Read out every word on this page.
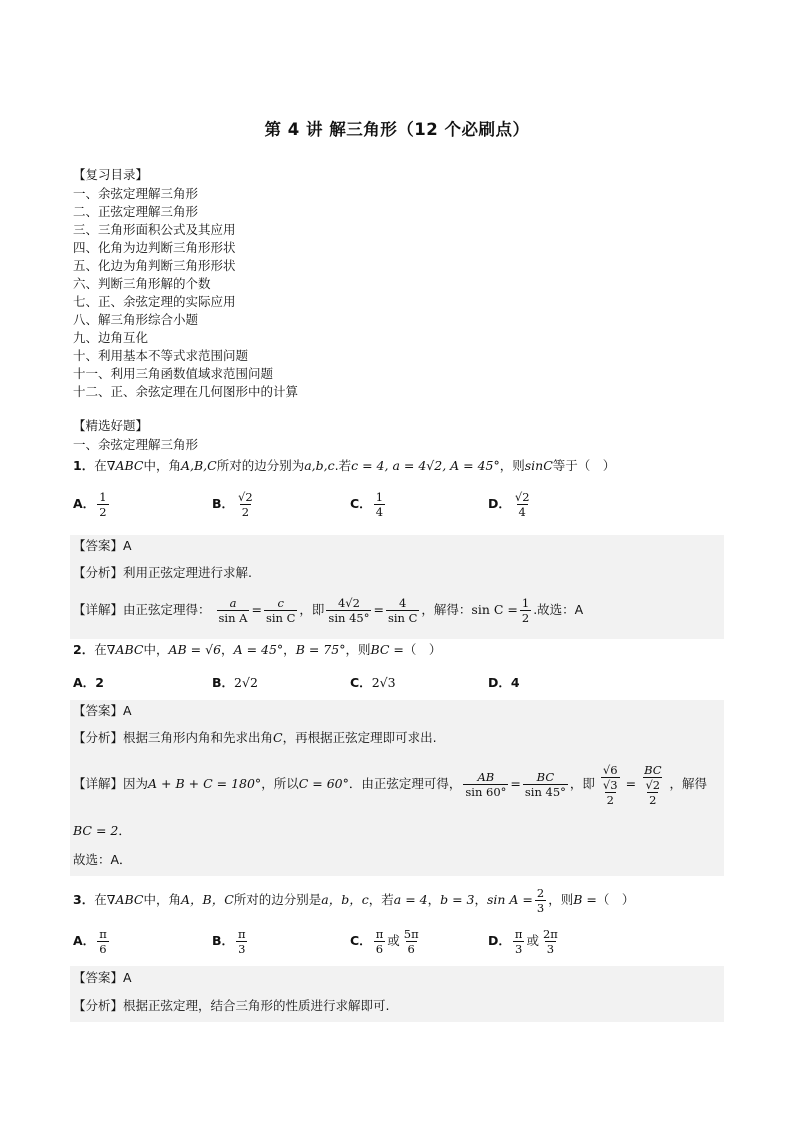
第 4 讲 解三角形（12 个必刷点）
【复习目录】
一、余弦定理解三角形
二、正弦定理解三角形
三、三角形面积公式及其应用
四、化角为边判断三角形形状
五、化边为角判断三角形形状
六、判断三角形解的个数
七、正、余弦定理的实际应用
八、解三角形综合小题
九、边角互化
十、利用基本不等式求范围问题
十一、利用三角函数值域求范围问题
十二、正、余弦定理在几何图形中的计算
【精选好题】
一、余弦定理解三角形
1．在∇ABC中，角A,B,C所对的边分别为a,b,c.若c = 4, a = 4√2, A = 45°，则sinC等于（　）
A． $\frac{1}{2}$	B． $\frac{√2}{2}$	C． $\frac{1}{4}$	D． $\frac{√2}{4}$
【答案】A
【分析】利用正弦定理进行求解.
【详解】由正弦定理得： $\frac{a}{\text{sin A}} = \frac{c}{\text{sin C}}$ ，即 $\frac{4√2}{\sin 45^\circ} = \frac{4}{\text{sin C}}$ ，解得：$\sin C = \frac{1}{2}$ .故选：A
2．在∇ABC中，AB = √6，A = 45°，B = 75°，则BC =（　）
A．2	B．2√2	C．2√3	D．4
【答案】A
【分析】根据三角形内角和先求出角C，再根据正弦定理即可求出.
【详解】因为A + B + C = 180°，所以C = 60°．由正弦定理可得， $\frac{AB}{\sin 60^\circ} = \frac{BC}{\sin 45^\circ}$ ，即 $\frac{\frac{√6}{√3}}{2} = \frac{\frac{BC}{√2}}{2}$ ，解得
BC = 2．
故选：A．
3．在∇ABC中，角A，B，C所对的边分别是a，b，c，若a = 4，b = 3，$\sin A = \frac{2}{3}$ ，则B =（　）
A． $\frac{\pi}{6}$	B． $\frac{\pi}{3}$	C． $\frac{\pi}{6}$ 或 $\frac{5\pi}{6}$	D． $\frac{\pi}{3}$ 或 $\frac{2\pi}{3}$
【答案】A
【分析】根据正弦定理，结合三角形的性质进行求解即可.
